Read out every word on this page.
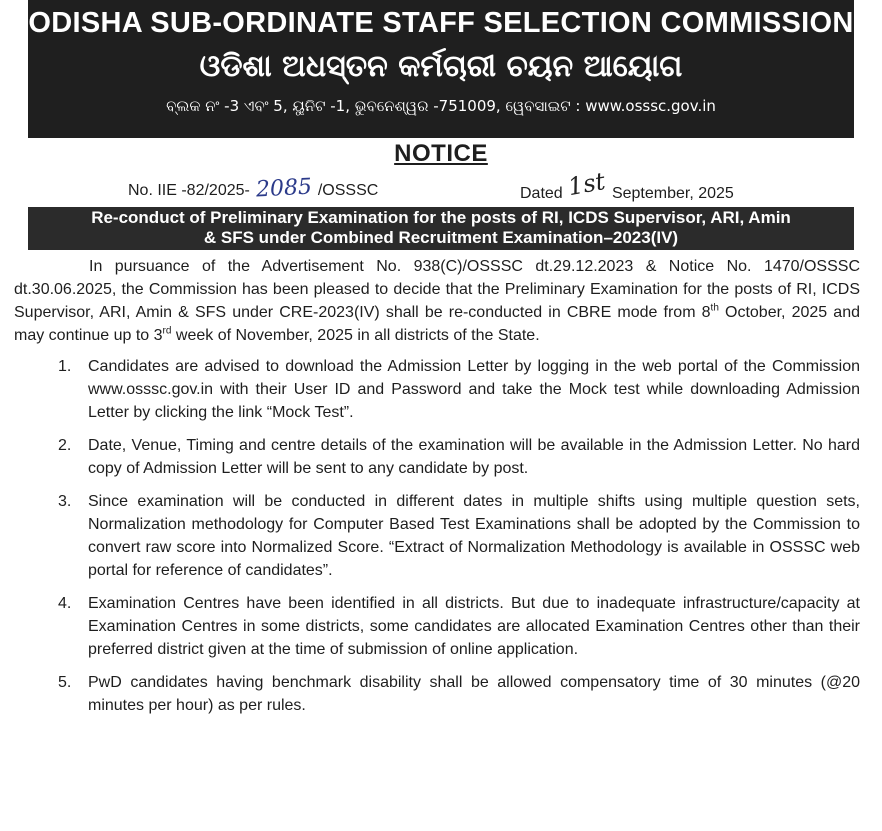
ODISHA SUB-ORDINATE STAFF SELECTION COMMISSION
ଓଡିଶା ଅଧସ୍ତନ କର୍ମଚାରୀ ଚୟନ ଆୟୋଗ
ବ୍ଲକ ନଂ -3 ଏବଂ 5, ୟୁନିଟ -1, ଭୁବନେଶ୍ୱର -751009, ୱେବସାଇଟ : www.osssc.gov.in
NOTICE
No. IIE -82/2025- 2085 /OSSSC	Dated 1st September, 2025
Re-conduct of Preliminary Examination for the posts of RI, ICDS Supervisor, ARI, Amin
& SFS under Combined Recruitment Examination–2023(IV)

In pursuance of the Advertisement No. 938(C)/OSSSC dt.29.12.2023 & Notice No. 1470/OSSSC dt.30.06.2025, the Commission has been pleased to decide that the Preliminary Examination for the posts of RI, ICDS Supervisor, ARI, Amin & SFS under CRE-2023(IV) shall be re-conducted in CBRE mode from 8th October, 2025 and may continue up to 3rd week of November, 2025 in all districts of the State.

1. Candidates are advised to download the Admission Letter by logging in the web portal of the Commission www.osssc.gov.in with their User ID and Password and take the Mock test while downloading Admission Letter by clicking the link “Mock Test”.
2. Date, Venue, Timing and centre details of the examination will be available in the Admission Letter. No hard copy of Admission Letter will be sent to any candidate by post.
3. Since examination will be conducted in different dates in multiple shifts using multiple question sets, Normalization methodology for Computer Based Test Examinations shall be adopted by the Commission to convert raw score into Normalized Score. “Extract of Normalization Methodology is available in OSSSC web portal for reference of candidates”.
4. Examination Centres have been identified in all districts. But due to inadequate infrastructure/capacity at Examination Centres in some districts, some candidates are allocated Examination Centres other than their preferred district given at the time of submission of online application.
5. PwD candidates having benchmark disability shall be allowed compensatory time of 30 minutes (@20 minutes per hour) as per rules.
